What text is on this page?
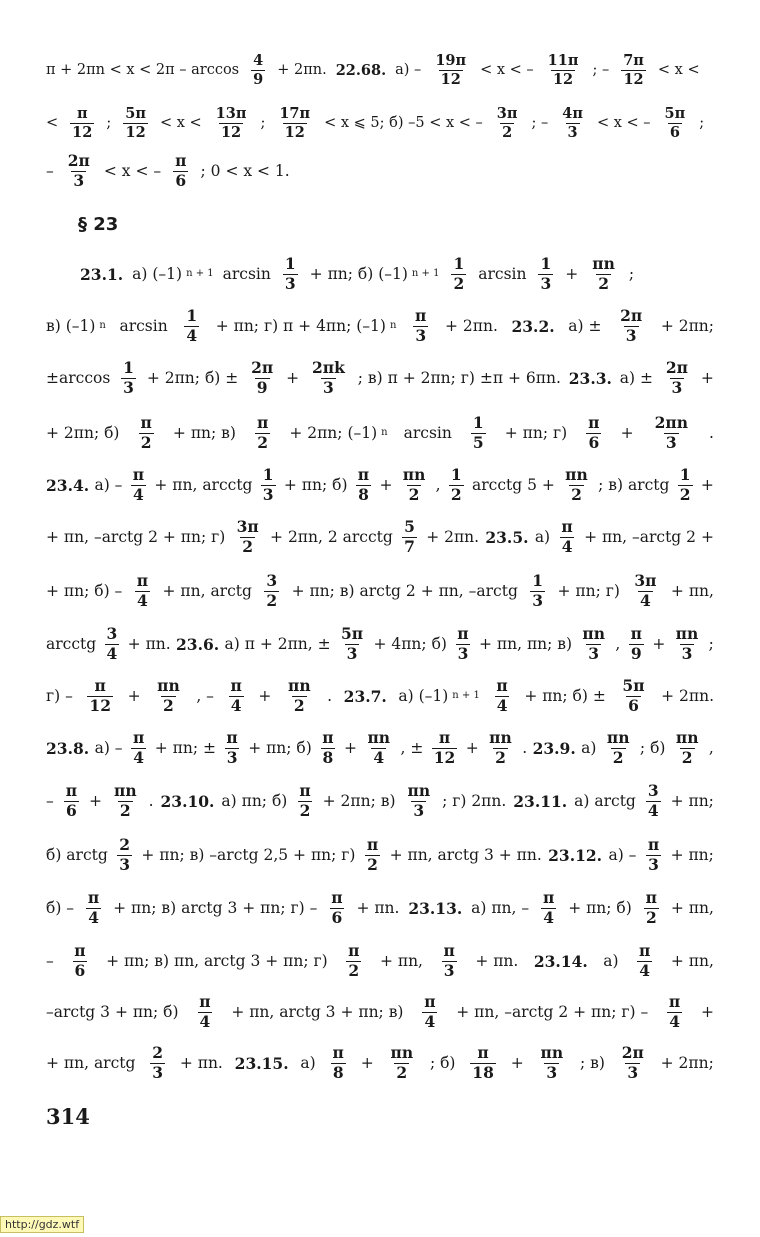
$\pi + 2\pi n < x < 2\pi - \arccos \frac{4}{9} + 2\pi n$. 22.68. $а) - \frac{19\pi}{12} < x$ < – $\frac{11\pi}{12}$ ; – $\frac{7\pi}{12} < x$ <
< $\frac{\pi}{12}$ ; $\frac{5\pi}{12} < x < \frac{13\pi}{12}$ ; $\frac{17\pi}{12} < x$ ⩽ 5; б) –5 < x < – $\frac{3\pi}{2}$ ; – $\frac{4\pi}{3} < x$ < – $\frac{5\pi}{6}$ ;
– $\frac{2\pi}{3} < x$ < – $\frac{\pi}{6}$ ; 0 < x < 1.
23.1. а) (–1) n + 1 $\arcsin \frac{1}{3} + \pi n$; б) (–1) $n + 1 \frac{1}{2}$ $\arcsin \frac{1}{3} + \frac{\pi n}{2}$ ;
в) (–1) n $\arcsin \frac{1}{4} + \pi n$; г) π + 4πn; (–1) n $\frac{\pi}{3} + 2\pi n$. 23.2. $а) \pm \frac{2\pi}{3} + 2\pi n$;
$\pm\arccos \frac{1}{3} + 2\pi n$; $б) \pm \frac{2\pi}{9} + \frac{2\pi k}{3}$ ; в) π + 2πn; г) ±π + 6πn. 23.3. $а) \pm \frac{2\pi}{3}$ +
+ 2πn; $б) \frac{\pi}{2} + \pi n$; $в) \frac{\pi}{2} + 2\pi n$; (–1) n $\arcsin \frac{1}{5} + \pi n$; $г) \frac{\pi}{6} + \frac{2\pi n}{3}$ .
23.4. $а) - \frac{\pi}{4} + \pi n$, arcctg $\frac{1}{3} + \pi n$; $б) \frac{\pi}{8} + \frac{\pi n}{2}$ , $\frac{1}{2}$ arcctg $5 + \frac{\pi n}{2}$ ; в) arctg $\frac{1}{2}$ +
+ πn, –arctg 2 + πn; $г) \frac{3\pi}{2} + 2\pi n$, 2 arcctg $\frac{5}{7} + 2\pi n$. 23.5. $а) \frac{\pi}{4} + \pi n$, –arctg 2 +
+ πn; $б) - \frac{\pi}{4} + \pi n$, arctg $\frac{3}{2} + \pi n$; в) arctg 2 + πn, –arctg $\frac{1}{3} + \pi n$; $г) \frac{3\pi}{4} + \pi n$,
arcctg $\frac{3}{4} + \pi n$. 23.6. а) π + 2πn, ± $\frac{5\pi}{3} + 4\pi n$; $б) \frac{\pi}{3} + \pi n$, πn; $в) \frac{\pi n}{3}$ , $\frac{\pi}{9} + \frac{\pi n}{3}$ ;
$г) - \frac{\pi}{12} + \frac{\pi n}{2}$ , – $\frac{\pi}{4} + \frac{\pi n}{2}$ . 23.7. а) (–1) $n + 1 \frac{\pi}{4} + \pi n$; $б) \pm \frac{5\pi}{6} + 2\pi n$.
23.8. $а) - \frac{\pi}{4} + \pi n$; ± $\frac{\pi}{3} + \pi n$; $б) \frac{\pi}{8} + \frac{\pi n}{4}$ , ± $\frac{\pi}{12} + \frac{\pi n}{2}$ . 23.9. $а) \frac{\pi n}{2}$ ; $б) \frac{\pi n}{2}$ ,
– $\frac{\pi}{6} + \frac{\pi n}{2}$ . 23.10. а) πn; $б) \frac{\pi}{2} + 2\pi n$; $в) \frac{\pi n}{3}$ ; г) 2πn. 23.11. а) arctg $\frac{3}{4} + \pi n$;
б) arctg $\frac{2}{3} + \pi n$; в) –arctg 2,5 + πn; $г) \frac{\pi}{2} + \pi n$, arctg 3 + πn. 23.12. $а) - \frac{\pi}{3} + \pi n$;
$б) - \frac{\pi}{4} + \pi n$; в) arctg 3 + πn; $г) - \frac{\pi}{6} + \pi n$. 23.13. а) πn, – $\frac{\pi}{4} + \pi n$; $б) \frac{\pi}{2} + \pi n$,
– $\frac{\pi}{6} + \pi n$; в) πn, arctg 3 + πn; $г) \frac{\pi}{2} + \pi n$, $\frac{\pi}{3} + \pi n$. 23.14. $а) \frac{\pi}{4} + \pi n$,
–arctg 3 + πn; $б) \frac{\pi}{4} + \pi n$, arctg 3 + πn; $в) \frac{\pi}{4} + \pi n$, –arctg 2 + πn; $г) - \frac{\pi}{4}$ +
+ πn, arctg $\frac{2}{3} + \pi n$. 23.15. $а) \frac{\pi}{8} + \frac{\pi n}{2}$ ; $б) \frac{\pi}{18} + \frac{\pi n}{3}$ ; $в) \frac{2\pi}{3} + 2\pi n$;
§ 23
314
http://gdz.wtf
